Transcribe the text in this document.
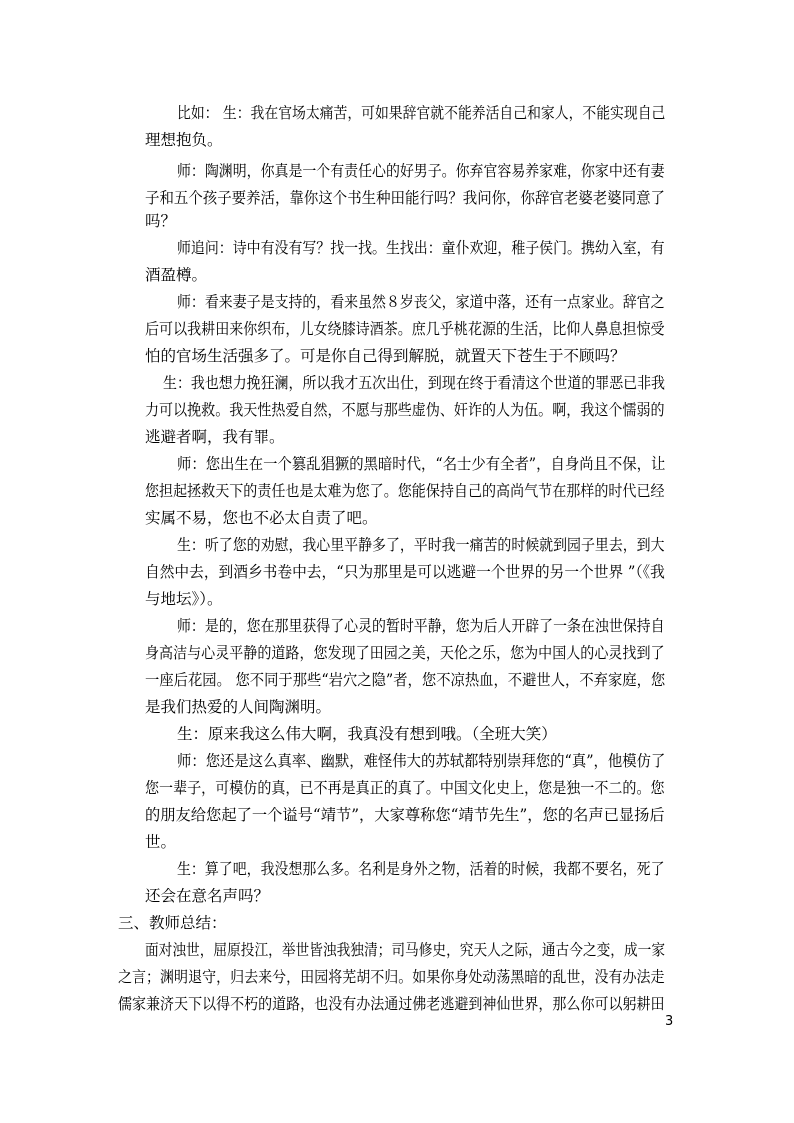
比如： 生：我在官场太痛苦，可如果辞官就不能养活自己和家人，不能实现自己
理想抱负。
师：陶渊明，你真是一个有责任心的好男子。你弃官容易养家难，你家中还有妻
子和五个孩子要养活，靠你这个书生种田能行吗？我问你，你辞官老婆老婆同意了
吗？
师追问：诗中有没有写？找一找。生找出：童仆欢迎，稚子侯门。携幼入室，有
酒盈樽。
师：看来妻子是支持的，看来虽然８岁丧父，家道中落，还有一点家业。辞官之
后可以我耕田来你织布，儿女绕膝诗酒茶。庶几乎桃花源的生活，比仰人鼻息担惊受
怕的官场生活强多了。可是你自己得到解脱，就置天下苍生于不顾吗？
生：我也想力挽狂澜，所以我才五次出仕，到现在终于看清这个世道的罪恶已非我
力可以挽救。我天性热爱自然，不愿与那些虚伪、奸诈的人为伍。啊，我这个懦弱的
逃避者啊，我有罪。
师：您出生在一个篡乱猖獗的黑暗时代，“名士少有全者”，自身尚且不保，让
您担起拯救天下的责任也是太难为您了。您能保持自己的高尚气节在那样的时代已经
实属不易，您也不必太自责了吧。
生：听了您的劝慰，我心里平静多了，平时我一痛苦的时候就到园子里去，到大
自然中去，到酒乡书卷中去，“只为那里是可以逃避一个世界的另一个世界 ”（《我
与地坛》）。
师：是的，您在那里获得了心灵的暂时平静，您为后人开辟了一条在浊世保持自
身高洁与心灵平静的道路，您发现了田园之美，天伦之乐，您为中国人的心灵找到了
一座后花园。 您不同于那些“岩穴之隐”者，您不凉热血，不避世人，不弃家庭，您
是我们热爱的人间陶渊明。
生：原来我这么伟大啊，我真没有想到哦。（全班大笑）
师：您还是这么真率、幽默，难怪伟大的苏轼都特别崇拜您的“真”，他模仿了
您一辈子，可模仿的真，已不再是真正的真了。中国文化史上，您是独一不二的。您
的朋友给您起了一个谥号“靖节”，大家尊称您“靖节先生”，您的名声已显扬后
世。
生：算了吧，我没想那么多。名利是身外之物，活着的时候，我都不要名，死了
还会在意名声吗？
三、教师总结：
面对浊世，屈原投江，举世皆浊我独清；司马修史，究天人之际，通古今之变，成一家
之言；渊明退守，归去来兮，田园将芜胡不归。如果你身处动荡黑暗的乱世，没有办法走
儒家兼济天下以得不朽的道路，也没有办法通过佛老逃避到神仙世界，那么你可以躬耕田
3
